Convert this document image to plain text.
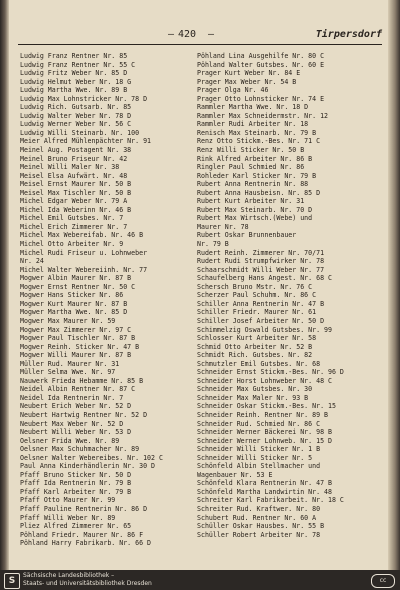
— 420 —	Tirpersdorf
Ludwig Franz Rentner Nr. 85
Ludwig Franz Rentner Nr. 55 C
Ludwig Fritz Weber Nr. 85 D
Ludwig Helmut Weber Nr. 18 G
Ludwig Martha Wwe. Nr. 89 B
Ludwig Max Lohnstricker Nr. 78 D
Ludwig Rich. Gutsarb. Nr. 85
Ludwig Walter Weber Nr. 78 D
Ludwig Werner Weber Nr. 56 C
Ludwig Willi Steinarb. Nr. 100
Meier Alfred Mühlenpächter Nr. 91
Meinel Aug. Postagent Nr. 38
Meinel Bruno Friseur Nr. 42
Meinel Willi Maler Nr. 38
Meisel Elsa Aufwärt. Nr. 48
Meisel Ernst Maurer Nr. 50 B
Meisel Max Tischler Nr. 50 B
Michel Edgar Weber Nr. 79 A
Michel Ida Weberinn Nr. 46 B
Michel Emil Gutsbes. Nr. 7
Michel Erich Zimmerer Nr. 7
Michel Max Webereifab. Nr. 46 B
Michel Otto Arbeiter Nr. 9
Michel Rudi Friseur u. Lohnweber
Nr. 24
Michel Walter Webereiinh. Nr. 77
Mogwer Albin Maurer Nr. 87 B
Mogwer Ernst Rentner Nr. 50 C
Mogwer Hans Sticker Nr. 86
Mogwer Kurt Maurer Nr. 87 B
Mogwer Martha Wwe. Nr. 85 D
Mogwer Max Maurer Nr. 59
Mogwer Max Zimmerer Nr. 97 C
Mogwer Paul Tischler Nr. 87 B
Mogwer Reinh. Sticker Nr. 47 B
Mogwer Willi Maurer Nr. 87 B
Müller Rud. Maurer Nr. 31
Müller Selma Wwe. Nr. 97
Nauwerk Frieda Hebamme Nr. 85 B
Neidel Albin Rentner Nr. 87 C
Neidel Ida Rentnerin Nr. 7
Neubert Erich Weber Nr. 52 D
Neubert Hartwig Rentner Nr. 52 D
Neubert Max Weber Nr. 52 D
Neubert Willi Weber Nr. 53 D
Oelsner Frida Wwe. Nr. 89
Oelsner Max Schuhmacher Nr. 89
Oelsner Walter Webereibes. Nr. 102 C
Paul Anna Kinderhändlerin Nr. 30 D
Pfaff Bruno Sticker Nr. 50 D
Pfaff Ida Rentnerin Nr. 79 B
Pfaff Karl Arbeiter Nr. 79 B
Pfaff Otto Maurer Nr. 99
Pfaff Pauline Rentnerin Nr. 86 D
Pfaff Willi Weber Nr. 89
Pliez Alfred Zimmerer Nr. 65
Pöhland Friedr. Maurer Nr. 86 F
Pöhland Harry Fabrikarb. Nr. 66 D
Pöhland Lina Ausgehilfe Nr. 80 C
Pöhland Walter Gutsbes. Nr. 60 E
Prager Kurt Weber Nr. 84 E
Prager Max Weber Nr. 54 B
Prager Olga Nr. 46
Prager Otto Lohnsticker Nr. 74 E
Rammler Martha Wwe. Nr. 18 D
Rammler Max Schneidermstr. Nr. 12
Rammler Rudi Arbeiter Nr. 18
Renisch Max Steinarb. Nr. 79 B
Renz Otto Stickm.-Bes. Nr. 71 C
Renz Willi Sticker Nr. 50 B
Rink Alfred Arbeiter Nr. 86 B
Ringler Paul Schmied Nr. 86
Rohleder Karl Sticker Nr. 79 B
Rubert Anna Rentnerin Nr. 88
Rubert Anna Hausbeisn. Nr. 85 D
Rubert Kurt Arbeiter Nr. 31
Rubert Max Steinarb. Nr. 70 D
Rubert Max Wirtsch.(Webe) und
Maurer Nr. 78
Rubert Oskar Brunnenbauer
Nr. 79 B
Rudert Reinh. Zimmerer Nr. 70/71
Rudert Rudi Strumpfwirker Nr. 78
Schaarschmidt Willi Weber Nr. 77
Schaufelberg Hans Angest. Nr. 68 C
Schersch Bruno Mstr. Nr. 76 C
Scherzer Paul Schuhm. Nr. 86 C
Schiller Anna Rentnerin Nr. 47 B
Schiller Friedr. Maurer Nr. 61
Schiller Josef Arbeiter Nr. 50 D
Schimmelzig Oswald Gutsbes. Nr. 99
Schlosser Kurt Arbeiter Nr. 58
Schmid Otto Arbeiter Nr. 52 B
Schmidt Rich. Gutsbes. Nr. 82
Schmutzler Emil Gutsbes. Nr. 68
Schneider Ernst Stickm.-Bes. Nr. 96 D
Schneider Horst Lohnweber Nr. 48 C
Schneider Max Gutsbes. Nr. 30
Schneider Max Maler Nr. 93 B
Schneider Oskar Stickm.-Bes. Nr. 15
Schneider Reinh. Rentner Nr. 89 B
Schneider Rud. Schmied Nr. 86 C
Schneider Werner Bäckerei Nr. 98 B
Schneider Werner Lohnweb. Nr. 15 D
Schneider Willi Sticker Nr. 1 B
Schneider Willi Sticker Nr. 5
Schönfeld Albin Stellmacher und
Wagenbauer Nr. 53 E
Schönfeld Klara Rentnerin Nr. 47 B
Schönfeld Martha Landwirtin Nr. 48
Schreiter Karl Fabrikarbeit. Nr. 18 C
Schreiter Rud. Kraftwer. Nr. 80
Schubert Rud. Rentner Nr. 60 A
Schüller Oskar Hausbes. Nr. 55 B
Schüller Robert Arbeiter Nr. 78
S
Sächsische Landesbibliothek –
Staats- und Universitätsbibliothek Dresden	cc
